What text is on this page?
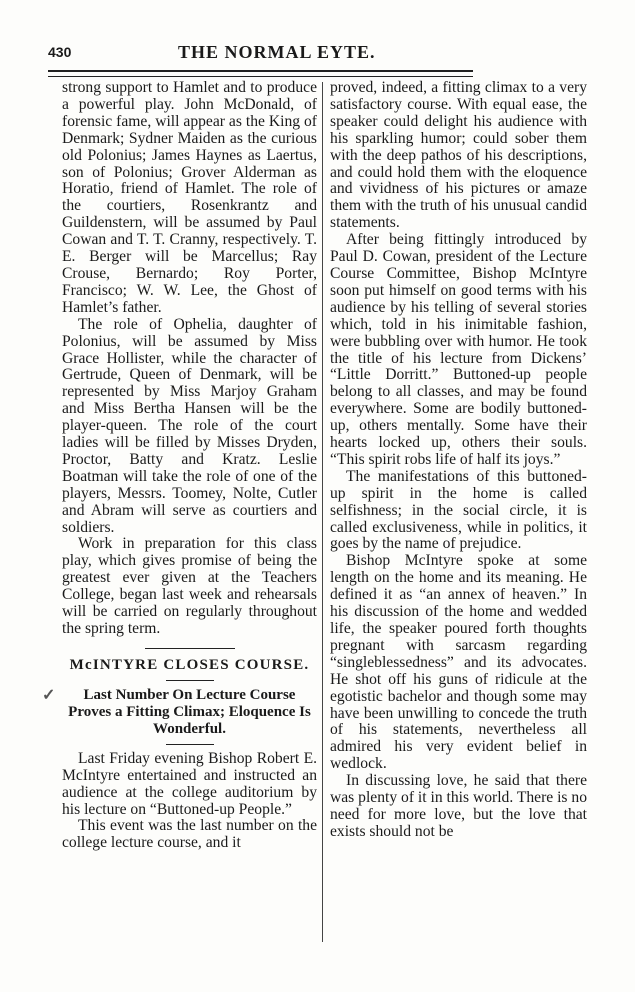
430	THE NORMAL EYTE.

strong support to Hamlet and to produce a powerful play. John McDonald, of forensic fame, will appear as the King of Denmark; Sydner Maiden as the curious old Polonius; James Haynes as Laertus, son of Polonius; Grover Alderman as Horatio, friend of Hamlet. The role of the courtiers, Rosenkrantz and Guildenstern, will be assumed by Paul Cowan and T. T. Cranny, respectively. T. E. Berger will be Marcellus; Ray Crouse, Bernardo; Roy Porter, Francisco; W. W. Lee, the Ghost of Hamlet’s father.

The role of Ophelia, daughter of Polonius, will be assumed by Miss Grace Hollister, while the character of Gertrude, Queen of Denmark, will be represented by Miss Marjoy Graham and Miss Bertha Hansen will be the player-queen. The role of the court ladies will be filled by Misses Dryden, Proctor, Batty and Kratz. Leslie Boatman will take the role of one of the players, Messrs. Toomey, Nolte, Cutler and Abram will serve as courtiers and soldiers.

Work in preparation for this class play, which gives promise of being the greatest ever given at the Teachers College, began last week and rehearsals will be carried on regularly throughout the spring term.

McINTYRE CLOSES COURSE.
✓ Last Number On Lecture Course Proves a Fitting Climax; Eloquence Is Wonderful.

Last Friday evening Bishop Robert E. McIntyre entertained and instructed an audience at the college auditorium by his lecture on “Buttoned-up People.”

This event was the last number on the college lecture course, and it

proved, indeed, a fitting climax to a very satisfactory course. With equal ease, the speaker could delight his audience with his sparkling humor; could sober them with the deep pathos of his descriptions, and could hold them with the eloquence and vividness of his pictures or amaze them with the truth of his unusual candid statements.

After being fittingly introduced by Paul D. Cowan, president of the Lecture Course Committee, Bishop McIntyre soon put himself on good terms with his audience by his telling of several stories which, told in his inimitable fashion, were bubbling over with humor. He took the title of his lecture from Dickens’ “Little Dorritt.” Buttoned-up people belong to all classes, and may be found everywhere. Some are bodily buttoned-up, others mentally. Some have their hearts locked up, others their souls. “This spirit robs life of half its joys.”

The manifestations of this buttoned-up spirit in the home is called selfishness; in the social circle, it is called exclusiveness, while in politics, it goes by the name of prejudice.

Bishop McIntyre spoke at some length on the home and its meaning. He defined it as “an annex of heaven.” In his discussion of the home and wedded life, the speaker poured forth thoughts pregnant with sarcasm regarding “singleblessedness” and its advocates. He shot off his guns of ridicule at the egotistic bachelor and though some may have been unwilling to concede the truth of his statements, nevertheless all admired his very evident belief in wedlock.

In discussing love, he said that there was plenty of it in this world. There is no need for more love, but the love that exists should not be
